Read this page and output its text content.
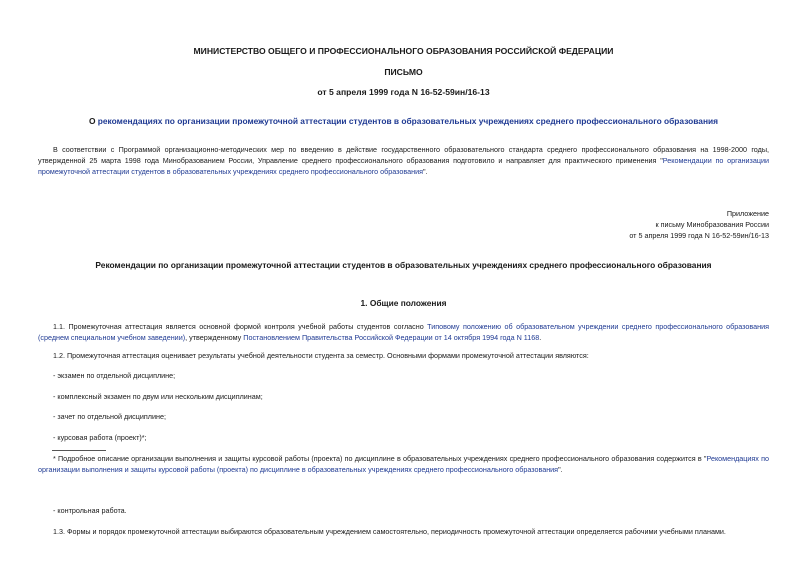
МИНИСТЕРСТВО ОБЩЕГО И ПРОФЕССИОНАЛЬНОГО ОБРАЗОВАНИЯ РОССИЙСКОЙ ФЕДЕРАЦИИ
ПИСЬМО
от 5 апреля 1999 года N 16-52-59ин/16-13
О рекомендациях по организации промежуточной аттестации студентов в образовательных учреждениях среднего профессионального образования
В соответствии с Программой организационно-методических мер по введению в действие государственного образовательного стандарта среднего профессионального образования на 1998-2000 годы, утвержденной 25 марта 1998 года Минобразованием России, Управление среднего профессионального образования подготовило и направляет для практического применения "Рекомендации по организации промежуточной аттестации студентов в образовательных учреждениях среднего профессионального образования".
Приложение
к письму Минобразования России
от 5 апреля 1999 года N 16-52-59ин/16-13
Рекомендации по организации промежуточной аттестации студентов в образовательных учреждениях среднего профессионального образования
1. Общие положения
1.1. Промежуточная аттестация является основной формой контроля учебной работы студентов согласно Типовому положению об образовательном учреждении среднего профессионального образования (среднем специальном учебном заведении), утвержденному Постановлением Правительства Российской Федерации от 14 октября 1994 года N 1168.
1.2. Промежуточная аттестация оценивает результаты учебной деятельности студента за семестр. Основными формами промежуточной аттестации являются:
- экзамен по отдельной дисциплине;
- комплексный экзамен по двум или нескольким дисциплинам;
- зачет по отдельной дисциплине;
- курсовая работа (проект)*;
* Подробное описание организации выполнения и защиты курсовой работы (проекта) по дисциплине в образовательных учреждениях среднего профессионального образования содержится в "Рекомендациях по организации выполнения и защиты курсовой работы (проекта) по дисциплине в образовательных учреждениях среднего профессионального образования".
- контрольная работа.
1.3. Формы и порядок промежуточной аттестации выбираются образовательным учреждением самостоятельно, периодичность промежуточной аттестации определяется рабочими учебными планами.
